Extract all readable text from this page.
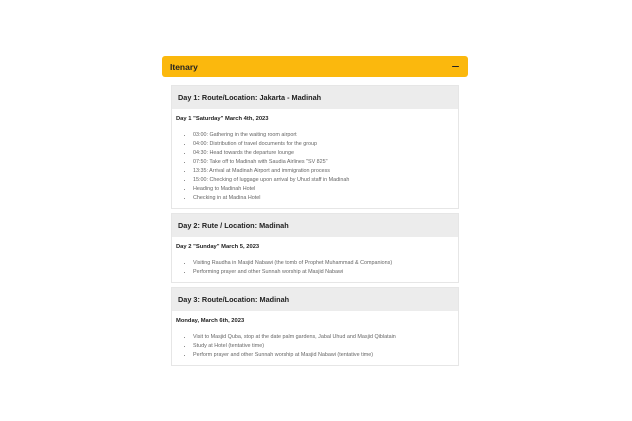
Itenary
Day 1: Route/Location: Jakarta - Madinah
Day 1 "Saturday" March 4th, 2023
• 03:00: Gathering in the waiting room airport
• 04:00: Distribution of travel documents for the group
• 04:30: Head towards the departure lounge
• 07:50: Take off to Madinah with Saudia Airlines "SV 825"
• 13:35: Arrival at Madinah Airport and immigration process
• 15:00: Checking of luggage upon arrival by Uhud staff in Madinah
• Heading to Madinah Hotel
• Checking in at Madina Hotel
Day 2: Rute / Location: Madinah
Day 2 "Sunday" March 5, 2023
• Visiting Raudha in Masjid Nabawi (the tomb of Prophet Muhammad & Companions)
• Performing prayer and other Sunnah worship at Masjid Nabawi
Day 3: Route/Location: Madinah
Monday, March 6th, 2023
• Visit to Masjid Quba, stop at the date palm gardens, Jabal Uhud and Masjid Qiblatain
• Study at Hotel (tentative time)
• Perform prayer and other Sunnah worship at Masjid Nabawi (tentative time)
